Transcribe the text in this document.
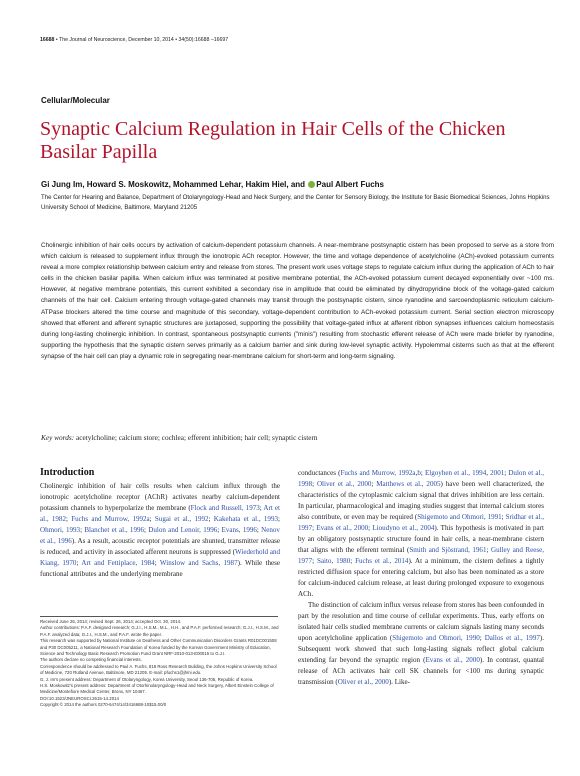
16688 • The Journal of Neuroscience, December 10, 2014 • 34(50):16688 –16697
Cellular/Molecular
Synaptic Calcium Regulation in Hair Cells of the Chicken Basilar Papilla
Gi Jung Im, Howard S. Moskowitz, Mohammed Lehar, Hakim Hiel, and Paul Albert Fuchs
The Center for Hearing and Balance, Department of Otolaryngology-Head and Neck Surgery, and the Center for Sensory Biology, the Institute for Basic Biomedical Sciences, Johns Hopkins University School of Medicine, Baltimore, Maryland 21205

Cholinergic inhibition of hair cells occurs by activation of calcium-dependent potassium channels. A near-membrane postsynaptic cistern has been proposed to serve as a store from which calcium is released to supplement influx through the ionotropic ACh receptor. However, the time and voltage dependence of acetylcholine (ACh)-evoked potassium currents reveal a more complex relationship between calcium entry and release from stores. The present work uses voltage steps to regulate calcium influx during the application of ACh to hair cells in the chicken basilar papilla. When calcium influx was terminated at positive membrane potential, the ACh-evoked potassium current decayed exponentially over ~100 ms. However, at negative membrane potentials, this current exhibited a secondary rise in amplitude that could be eliminated by dihydropyridine block of the voltage-gated calcium channels of the hair cell. Calcium entering through voltage-gated channels may transit through the postsynaptic cistern, since ryanodine and sarcoendoplasmic reticulum calcium-ATPase blockers altered the time course and magnitude of this secondary, voltage-dependent contribution to ACh-evoked potassium current. Serial section electron microscopy showed that efferent and afferent synaptic structures are juxtaposed, supporting the possibility that voltage-gated influx at afferent ribbon synapses influences calcium homeostasis during long-lasting cholinergic inhibition. In contrast, spontaneous postsynaptic currents ("minis") resulting from stochastic efferent release of ACh were made briefer by ryanodine, supporting the hypothesis that the synaptic cistern serves primarily as a calcium barrier and sink during low-level synaptic activity. Hypolemmal cisterns such as that at the efferent synapse of the hair cell can play a dynamic role in segregating near-membrane calcium for short-term and long-term signaling.

Key words: acetylcholine; calcium store; cochlea; efferent inhibition; hair cell; synaptic cistern
Introduction

Cholinergic inhibition of hair cells results when calcium influx through the ionotropic acetylcholine receptor (AChR) activates nearby calcium-dependent potassium channels to hyperpolarize the membrane (Flock and Russell, 1973; Art et al., 1982; Fuchs and Murrow, 1992a; Sugai et al., 1992; Kakehata et al., 1993; Ohmori, 1993; Blanchet et al., 1996; Dulon and Lenoir, 1996; Evans, 1996; Nenov et al., 1996). As a result, acoustic receptor potentials are shunted, transmitter release is reduced, and activity in associated afferent neurons is suppressed (Wiederhold and Kiang, 1970; Art and Fettiplace, 1984; Winslow and Sachs, 1987). While these functional attributes and the underlying membrane

conductances (Fuchs and Murrow, 1992a,b; Elgoyhen et al., 1994, 2001; Dulon et al., 1998; Oliver et al., 2000; Matthews et al., 2005) have been well characterized, the characteristics of the cytoplasmic calcium signal that drives inhibition are less certain. In particular, pharmacological and imaging studies suggest that internal calcium stores also contribute, or even may be required (Shigemoto and Ohmori, 1991; Sridhar et al., 1997; Evans et al., 2000; Lioudyno et al., 2004). This hypothesis is motivated in part by an obligatory postsynaptic structure found in hair cells, a near-membrane cistern that aligns with the efferent terminal (Smith and Sjöstrand, 1961; Gulley and Reese, 1977; Saito, 1980; Fuchs et al., 2014). At a minimum, the cistern defines a tightly restricted diffusion space for entering calcium, but also has been nominated as a store for calcium-induced calcium release, at least during prolonged exposure to exogenous ACh.

The distinction of calcium influx versus release from stores has been confounded in part by the resolution and time course of cellular experiments. Thus, early efforts on isolated hair cells studied membrane currents or calcium signals lasting many seconds upon acetylcholine application (Shigemoto and Ohmori, 1990; Dallos et al., 1997). Subsequent work showed that such long-lasting signals reflect global calcium extending far beyond the synaptic region (Evans et al., 2000). In contrast, quantal release of ACh activates hair cell SK channels for <100 ms during synaptic transmission (Oliver et al., 2000). Like-

Received June 26, 2014; revised Sept. 26, 2014; accepted Oct. 30, 2014.

Author contributions: P.A.F. designed research; G.J.I., H.S.M., M.L., H.H., and P.A.F. performed research; G.J.I., H.S.M., and P.A.F. analyzed data; G.J.I., H.S.M., and P.A.F. wrote the paper.

This research was supported by National Institute on Deafness and Other Communication Disorders Grants R01DC001508 and P30 DC005211, a National Research Foundation of Korea funded by the Korean Government Ministry of Education, Science and Technology Basic Research Promotion Fund Grant NRF-2010-013-E00015 to G.J.I.

The authors declare no competing financial interests.

Correspondence should be addressed to Paul A. Fuchs, 818 Ross Research Building, the Johns Hopkins University School of Medicine, 720 Rutland Avenue, Baltimore, MD 21205. E-mail: pfuchs1@jhmi.edu.

G. J. Im's present address: Department of Otolaryngology, Korea University, Seoul 136-705, Republic of Korea.

H.S. Moskowitz's present address: Department of Otorhinolaryngology-Head and Neck Surgery, Albert Einstein College of Medicine/Montefiore Medical Center, Bronx, NY 10467.

DOI:10.1523/JNEUROSCI.2615-14.2014

Copyright © 2014 the authors 0270-6474/14/3416688-10$15.00/0
